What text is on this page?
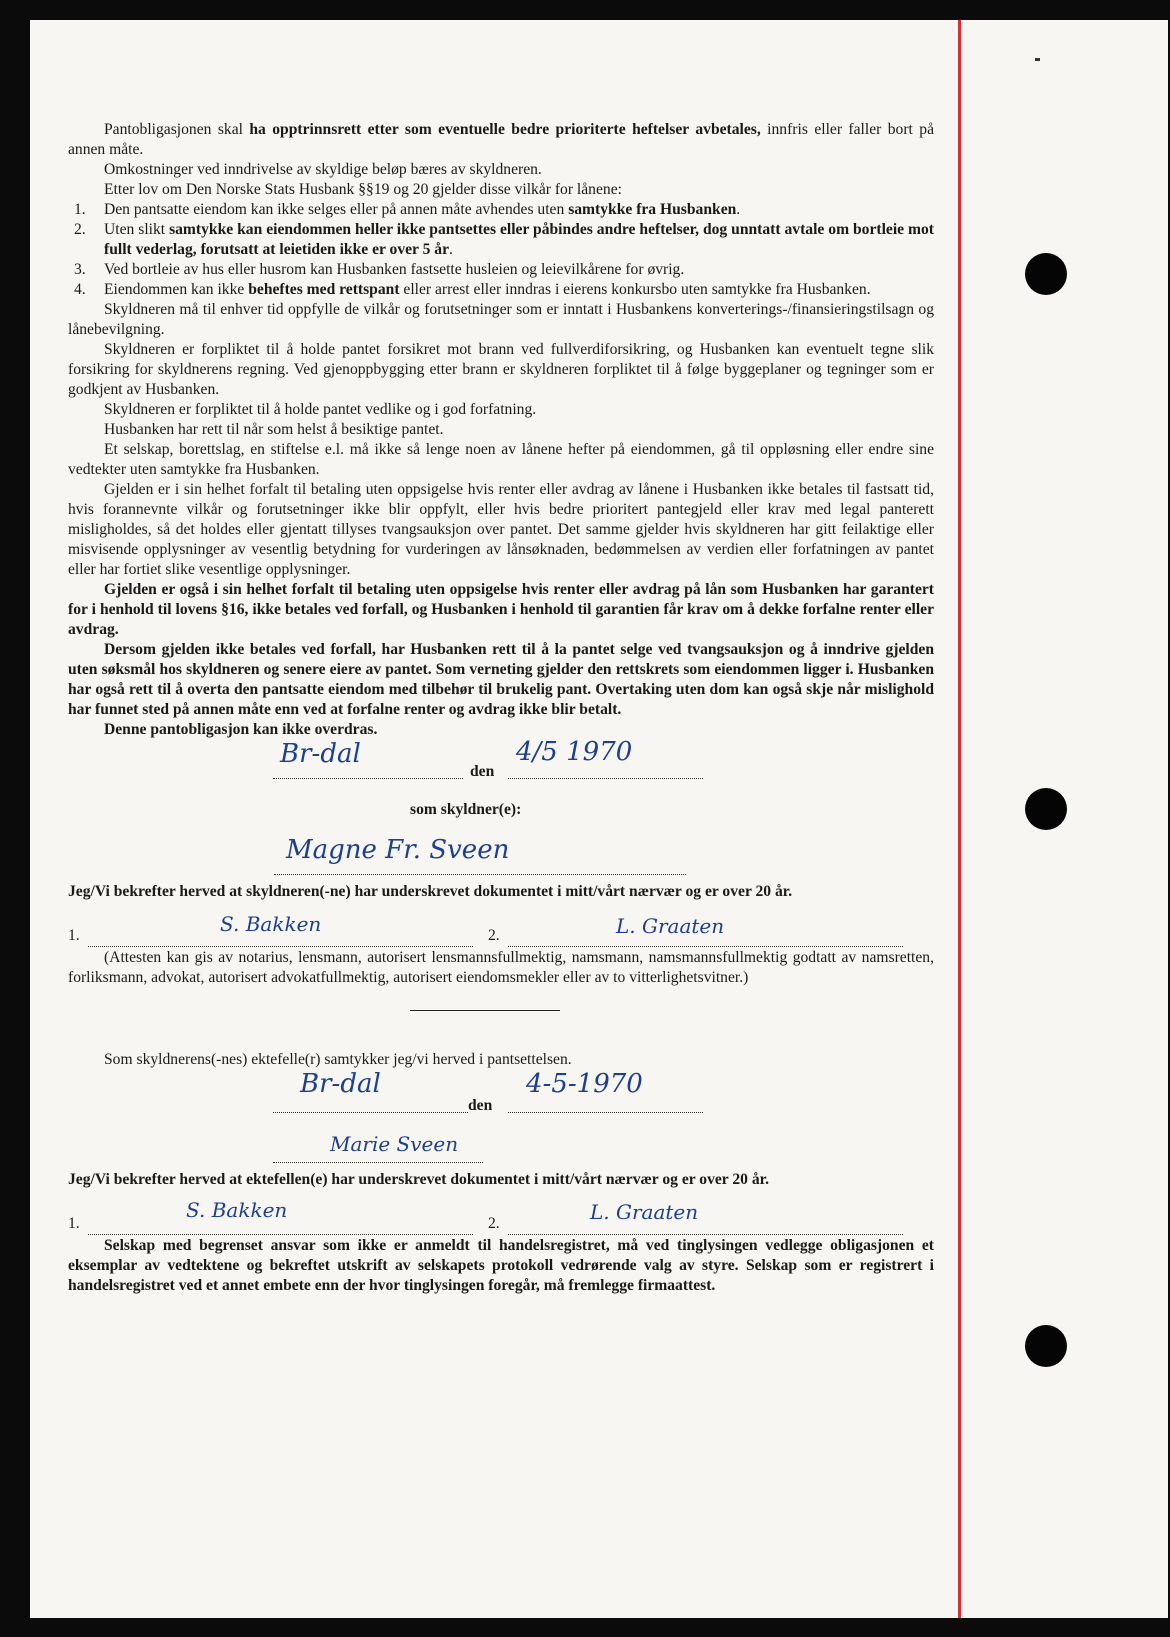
Pantobligasjonen skal ha opptrinnsrett etter som eventuelle bedre prioriterte heftelser avbetales, innfris eller faller bort på annen måte.

Omkostninger ved inndrivelse av skyldige beløp bæres av skyldneren.

Etter lov om Den Norske Stats Husbank §§19 og 20 gjelder disse vilkår for lånene:

1. Den pantsatte eiendom kan ikke selges eller på annen måte avhendes uten samtykke fra Husbanken.
2. Uten slikt samtykke kan eiendommen heller ikke pantsettes eller påbindes andre heftelser, dog unntatt avtale om bortleie mot fullt vederlag, forutsatt at leietiden ikke er over 5 år.
3. Ved bortleie av hus eller husrom kan Husbanken fastsette husleien og leievilkårene for øvrig.
4. Eiendommen kan ikke beheftes med rettspant eller arrest eller inndras i eierens konkursbo uten samtykke fra Husbanken.

Skyldneren må til enhver tid oppfylle de vilkår og forutsetninger som er inntatt i Husbankens konverterings-/finansieringstilsagn og lånebevilgning.

Skyldneren er forpliktet til å holde pantet forsikret mot brann ved fullverdiforsikring, og Husbanken kan eventuelt tegne slik forsikring for skyldnerens regning. Ved gjenoppbygging etter brann er skyldneren forpliktet til å følge byggeplaner og tegninger som er godkjent av Husbanken.

Skyldneren er forpliktet til å holde pantet vedlike og i god forfatning.

Husbanken har rett til når som helst å besiktige pantet.

Et selskap, borettslag, en stiftelse e.l. må ikke så lenge noen av lånene hefter på eiendommen, gå til oppløsning eller endre sine vedtekter uten samtykke fra Husbanken.

Gjelden er i sin helhet forfalt til betaling uten oppsigelse hvis renter eller avdrag av lånene i Husbanken ikke betales til fastsatt tid, hvis forannevnte vilkår og forutsetninger ikke blir oppfylt, eller hvis bedre prioritert pantegjeld eller krav med legal panterett misligholdes, så det holdes eller gjentatt tillyses tvangsauksjon over pantet. Det samme gjelder hvis skyldneren har gitt feilaktige eller misvisende opplysninger av vesentlig betydning for vurderingen av lånsøknaden, bedømmelsen av verdien eller forfatningen av pantet eller har fortiet slike vesentlige opplysninger.

Gjelden er også i sin helhet forfalt til betaling uten oppsigelse hvis renter eller avdrag på lån som Husbanken har garantert for i henhold til lovens §16, ikke betales ved forfall, og Husbanken i henhold til garantien får krav om å dekke forfalne renter eller avdrag.

Dersom gjelden ikke betales ved forfall, har Husbanken rett til å la pantet selge ved tvangsauksjon og å inndrive gjelden uten søksmål hos skyldneren og senere eiere av pantet. Som verneting gjelder den rettskrets som eiendommen ligger i. Husbanken har også rett til å overta den pantsatte eiendom med tilbehør til brukelig pant. Overtaking uten dom kan også skje når mislighold har funnet sted på annen måte enn ved at forfalne renter og avdrag ikke blir betalt.

Denne pantobligasjon kan ikke overdras.

Br-dal
den
4/5 1970
som skyldner(e):
Magne Fr. Sveen

Jeg/Vi bekrefter herved at skyldneren(-ne) har underskrevet dokumentet i mitt/vårt nærvær og er over 20 år.

1.	S. Bakken	2.	L. Graaten

(Attesten kan gis av notarius, lensmann, autorisert lensmannsfullmektig, namsmann, namsmannsfullmektig godtatt av namsretten, forliksmann, advokat, autorisert advokatfullmektig, autorisert eiendomsmekler eller av to vitterlighetsvitner.)

Som skyldnerens(-nes) ektefelle(r) samtykker jeg/vi herved i pantsettelsen.

Br-dal
den
4-5-1970
Marie Sveen

Jeg/Vi bekrefter herved at ektefellen(e) har underskrevet dokumentet i mitt/vårt nærvær og er over 20 år.

1.
S. Bakken
2.	L. Graaten

Selskap med begrenset ansvar som ikke er anmeldt til handelsregistret, må ved tinglysingen vedlegge obligasjonen et eksemplar av vedtektene og bekreftet utskrift av selskapets protokoll vedrørende valg av styre. Selskap som er registrert i handelsregistret ved et annet embete enn der hvor tinglysingen foregår, må fremlegge firmaattest.
